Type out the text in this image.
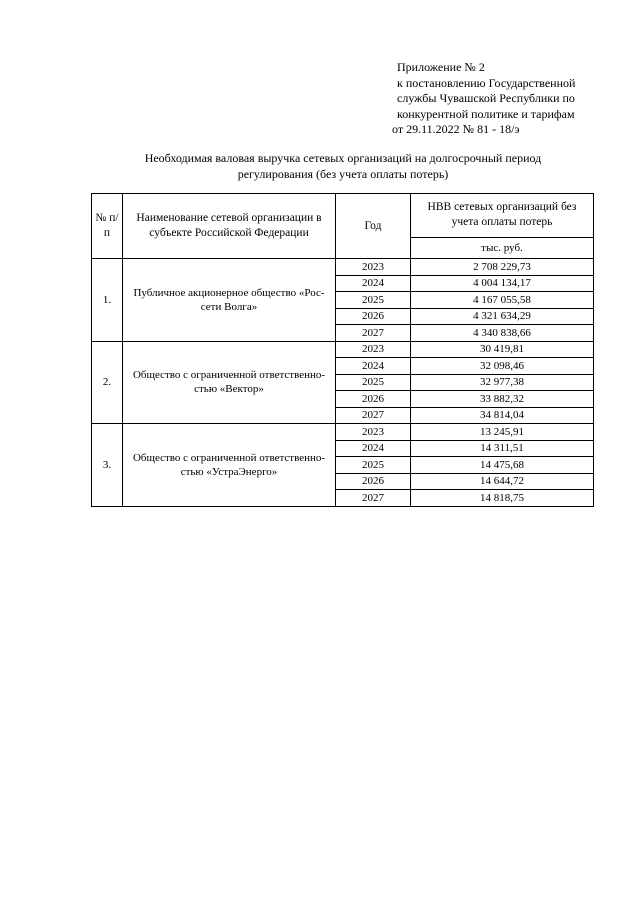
Приложение № 2
к постановлению Государственной
службы Чувашской Республики по
конкурентной политике и тарифам
от 29.11.2022 № 81 - 18/э
Необходимая валовая выручка сетевых организаций на долгосрочный период
регулирования (без учета оплаты потерь)
№ п/п	Наименование сетевой организации в субъекте Российской Федерации	Год	НВВ сетевых организаций без учета оплаты потерь
			тыс. руб.
1.	Публичное акционерное общество «Рос-сети Волга»	2023	2 708 229,73
		2024	4 004 134,17
		2025	4 167 055,58
		2026	4 321 634,29
		2027	4 340 838,66
2.	Общество с ограниченной ответственно-стью «Вектор»	2023	30 419,81
		2024	32 098,46
		2025	32 977,38
		2026	33 882,32
		2027	34 814,04
3.	Общество с ограниченной ответственно-стью «УстраЭнерго»	2023	13 245,91
		2024	14 311,51
		2025	14 475,68
		2026	14 644,72
		2027	14 818,75
